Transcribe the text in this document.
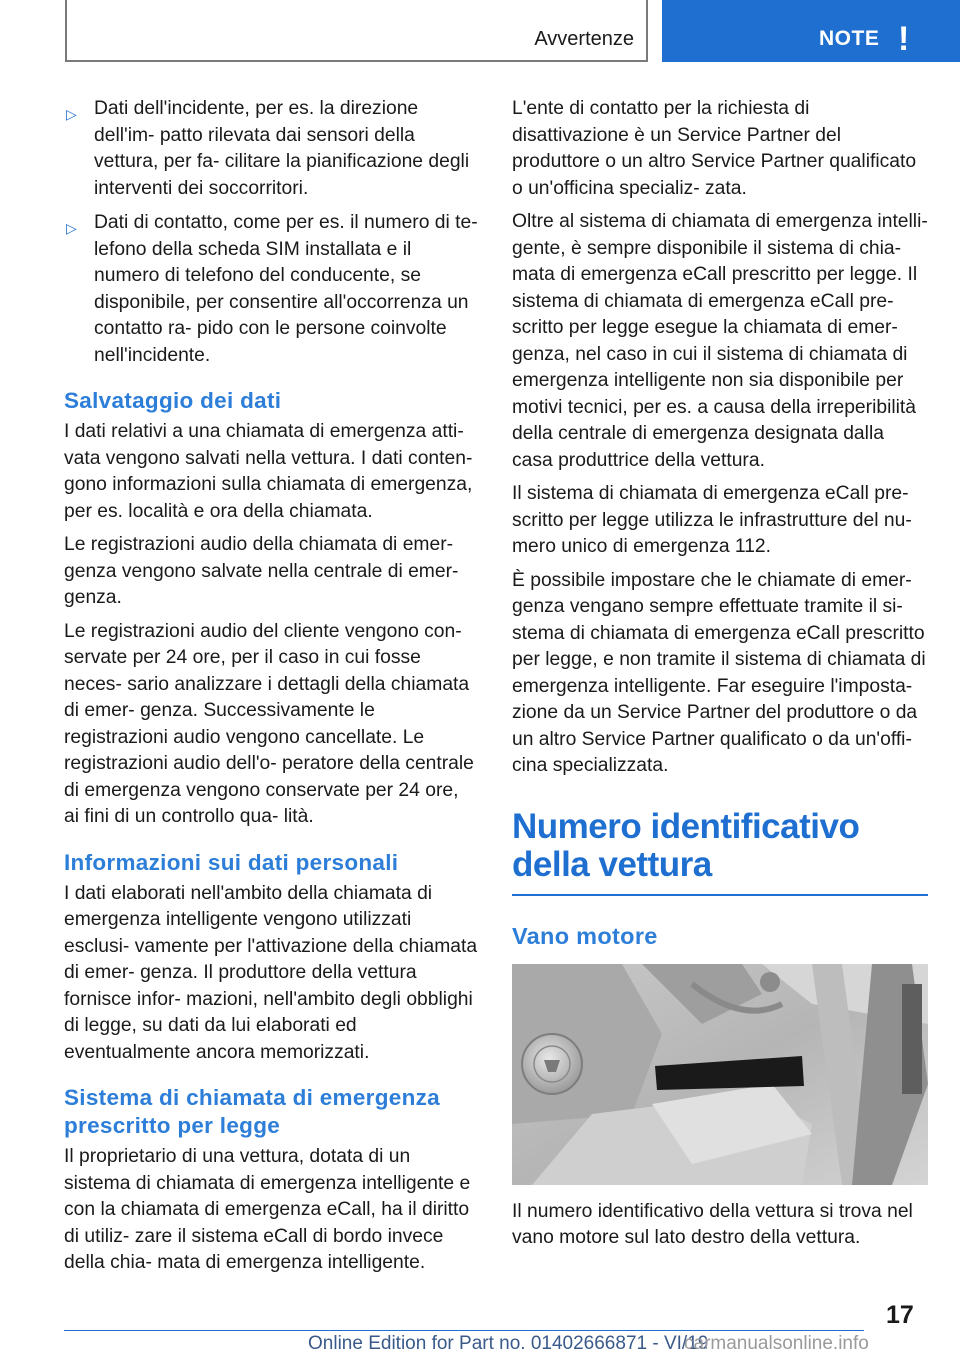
Avvertenze	NOTE !
▷ Dati dell'incidente, per es. la direzione dell'im‐ patto rilevata dai sensori della vettura, per fa‐ cilitare la pianificazione degli interventi dei soccorritori.
▷ Dati di contatto, come per es. il numero di te‐ lefono della scheda SIM installata e il numero di telefono del conducente, se disponibile, per consentire all'occorrenza un contatto ra‐ pido con le persone coinvolte nell'incidente.
Salvataggio dei dati

I dati relativi a una chiamata di emergenza atti‐ vata vengono salvati nella vettura. I dati conten‐ gono informazioni sulla chiamata di emergenza, per es. località e ora della chiamata.

Le registrazioni audio della chiamata di emer‐ genza vengono salvate nella centrale di emer‐ genza.

Le registrazioni audio del cliente vengono con‐ servate per 24 ore, per il caso in cui fosse neces‐ sario analizzare i dettagli della chiamata di emer‐ genza. Successivamente le registrazioni audio vengono cancellate. Le registrazioni audio dell'o‐ peratore della centrale di emergenza vengono conservate per 24 ore, ai fini di un controllo qua‐ lità.

Informazioni sui dati personali

I dati elaborati nell'ambito della chiamata di emergenza intelligente vengono utilizzati esclusi‐ vamente per l'attivazione della chiamata di emer‐ genza. Il produttore della vettura fornisce infor‐ mazioni, nell'ambito degli obblighi di legge, su dati da lui elaborati ed eventualmente ancora memorizzati.

Sistema di chiamata di emergenza prescritto per legge

Il proprietario di una vettura, dotata di un sistema di chiamata di emergenza intelligente e con la chiamata di emergenza eCall, ha il diritto di utiliz‐ zare il sistema eCall di bordo invece della chia‐ mata di emergenza intelligente.

L'ente di contatto per la richiesta di disattivazione è un Service Partner del produttore o un altro Service Partner qualificato o un'officina specializ‐ zata.

Oltre al sistema di chiamata di emergenza intelli‐ gente, è sempre disponibile il sistema di chia‐ mata di emergenza eCall prescritto per legge. Il sistema di chiamata di emergenza eCall pre‐ scritto per legge esegue la chiamata di emer‐ genza, nel caso in cui il sistema di chiamata di emergenza intelligente non sia disponibile per motivi tecnici, per es. a causa della irreperibilità della centrale di emergenza designata dalla casa produttrice della vettura.

Il sistema di chiamata di emergenza eCall pre‐ scritto per legge utilizza le infrastrutture del nu‐ mero unico di emergenza 112.

È possibile impostare che le chiamate di emer‐ genza vengano sempre effettuate tramite il si‐ stema di chiamata di emergenza eCall prescritto per legge, e non tramite il sistema di chiamata di emergenza intelligente. Far eseguire l'imposta‐ zione da un Service Partner del produttore o da un altro Service Partner qualificato o da un'offi‐ cina specializzata.

Numero identificativo della vettura
Vano motore

Il numero identificativo della vettura si trova nel vano motore sul lato destro della vettura.

17
Online Edition for Part no. 01402666871 - VI/19
carmanualsonline.info
